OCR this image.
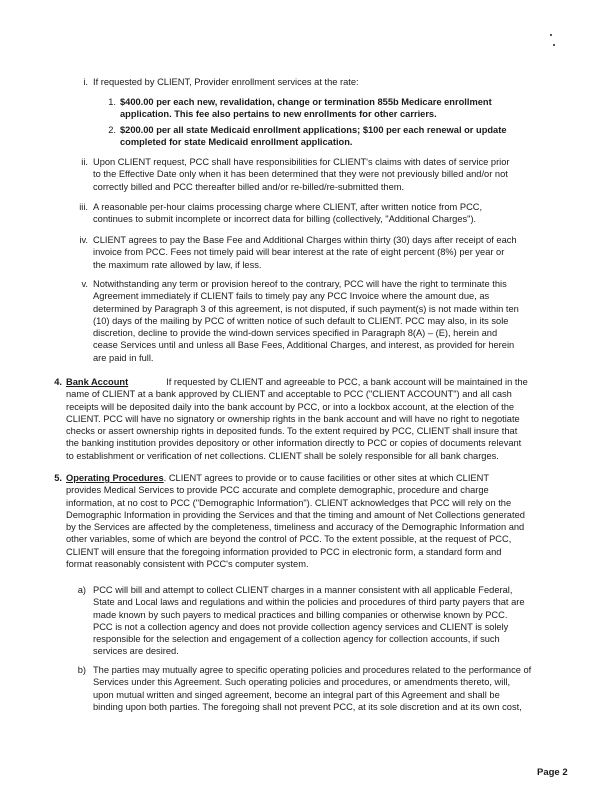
i. If requested by CLIENT, Provider enrollment services at the rate:
1. $400.00 per each new, revalidation, change or termination 855b Medicare enrollment
application. This fee also pertains to new enrollments for other carriers.
2. $200.00 per all state Medicaid enrollment applications; $100 per each renewal or update
completed for state Medicaid enrollment application.
ii. Upon CLIENT request, PCC shall have responsibilities for CLIENT's claims with dates of service prior
to the Effective Date only when it has been determined that they were not previously billed and/or not
correctly billed and PCC thereafter billed and/or re-billed/re-submitted them.
iii. A reasonable per-hour claims processing charge where CLIENT, after written notice from PCC,
continues to submit incomplete or incorrect data for billing (collectively, "Additional Charges").
iv. CLIENT agrees to pay the Base Fee and Additional Charges within thirty (30) days after receipt of each
invoice from PCC. Fees not timely paid will bear interest at the rate of eight percent (8%) per year or
the maximum rate allowed by law, if less.
v. Notwithstanding any term or provision hereof to the contrary, PCC will have the right to terminate this
Agreement immediately if CLIENT fails to timely pay any PCC Invoice where the amount due, as
determined by Paragraph 3 of this agreement, is not disputed, if such payment(s) is not made within ten
(10) days of the mailing by PCC of written notice of such default to CLIENT. PCC may also, in its sole
discretion, decline to provide the wind-down services specified in Paragraph 8(A) – (E), herein and
cease Services until and unless all Base Fees, Additional Charges, and interest, as provided for herein
are paid in full.
4. Bank Account	If requested by CLIENT and agreeable to PCC, a bank account will be maintained in the
name of CLIENT at a bank approved by CLIENT and acceptable to PCC ("CLIENT ACCOUNT") and all cash
receipts will be deposited daily into the bank account by PCC, or into a lockbox account, at the election of the
CLIENT. PCC will have no signatory or ownership rights in the bank account and will have no right to negotiate
checks or assert ownership rights in deposited funds. To the extent required by PCC, CLIENT shall insure that
the banking institution provides depository or other information directly to PCC or copies of documents relevant
to establishment or verification of net collections. CLIENT shall be solely responsible for all bank charges.
5. Operating Procedures. CLIENT agrees to provide or to cause facilities or other sites at which CLIENT
provides Medical Services to provide PCC accurate and complete demographic, procedure and charge
information, at no cost to PCC ("Demographic Information"). CLIENT acknowledges that PCC will rely on the
Demographic Information in providing the Services and that the timing and amount of Net Collections generated
by the Services are affected by the completeness, timeliness and accuracy of the Demographic Information and
other variables, some of which are beyond the control of PCC. To the extent possible, at the request of PCC,
CLIENT will ensure that the foregoing information provided to PCC in electronic form, a standard form and
format reasonably consistent with PCC's computer system.
a) PCC will bill and attempt to collect CLIENT charges in a manner consistent with all applicable Federal,
State and Local laws and regulations and within the policies and procedures of third party payers that are
made known by such payers to medical practices and billing companies or otherwise known by PCC.
PCC is not a collection agency and does not provide collection agency services and CLIENT is solely
responsible for the selection and engagement of a collection agency for collection accounts, if such
services are desired.
b) The parties may mutually agree to specific operating policies and procedures related to the performance of
Services under this Agreement. Such operating policies and procedures, or amendments thereto, will,
upon mutual written and singed agreement, become an integral part of this Agreement and shall be
binding upon both parties. The foregoing shall not prevent PCC, at its sole discretion and at its own cost,
Page 2
